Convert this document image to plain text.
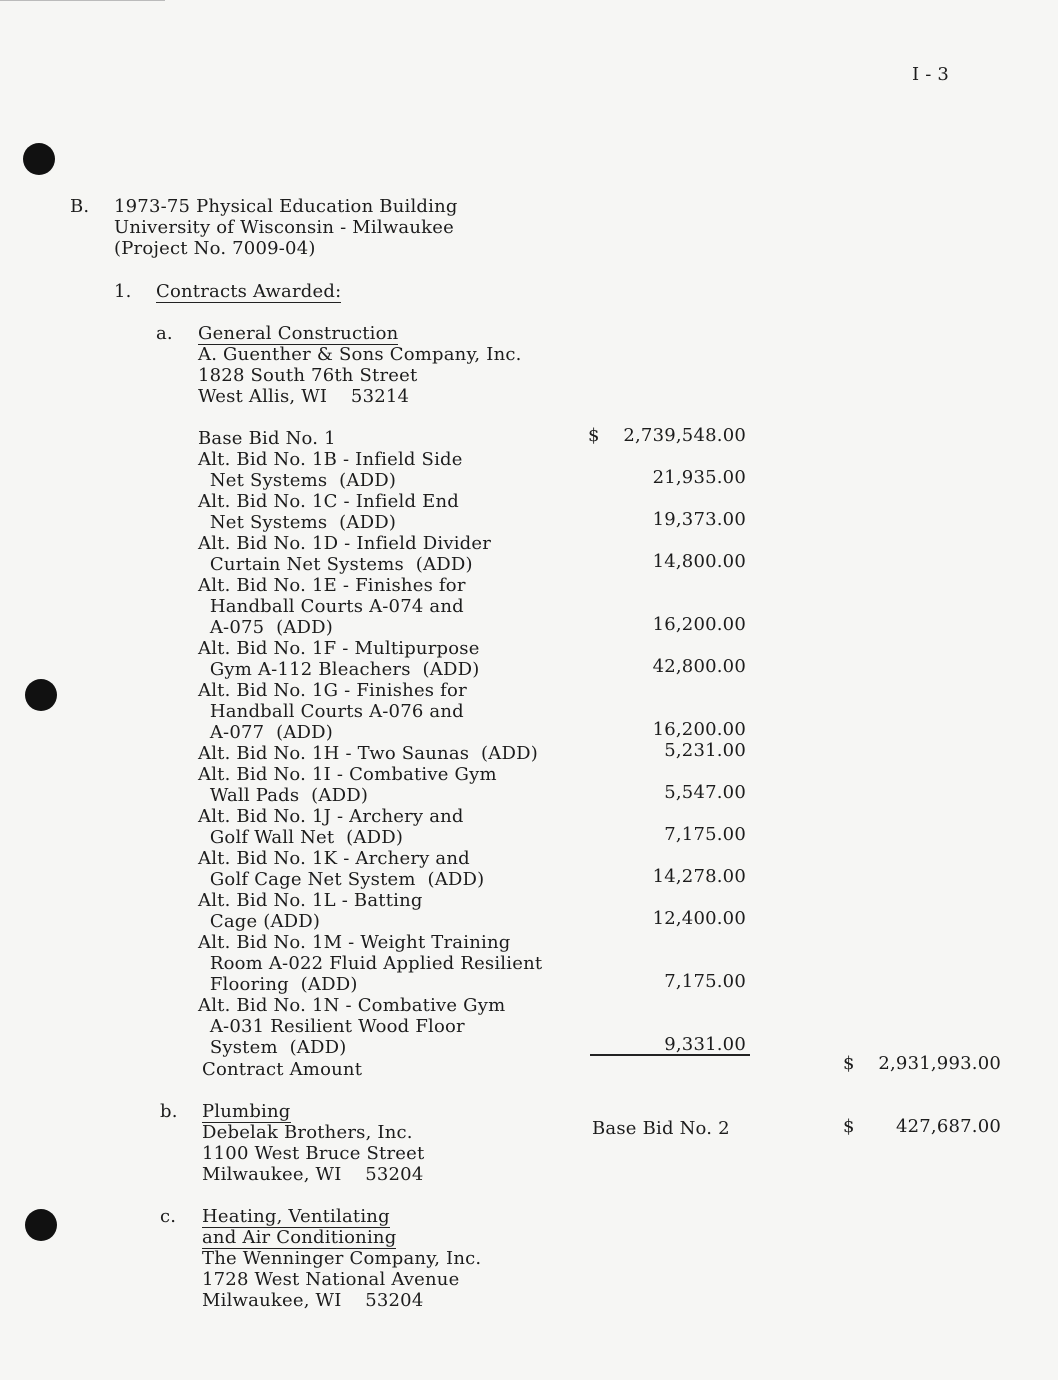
I - 3
B. 1973-75 Physical Education Building
University of Wisconsin - Milwaukee
(Project No. 7009-04)
1. Contracts Awarded:
a. General Construction
A. Guenther & Sons Company, Inc.
1828 South 76th Street
West Allis, WI    53214
Base Bid No. 1	$	2,739,548.00
Alt. Bid No. 1B - Infield Side
Net Systems  (ADD)	21,935.00
Alt. Bid No. 1C - Infield End
Net Systems  (ADD)	19,373.00
Alt. Bid No. 1D - Infield Divider
Curtain Net Systems  (ADD)	14,800.00
Alt. Bid No. 1E - Finishes for
Handball Courts A-074 and
A-075  (ADD)	16,200.00
Alt. Bid No. 1F - Multipurpose
Gym A-112 Bleachers  (ADD)	42,800.00
Alt. Bid No. 1G - Finishes for
Handball Courts A-076 and
A-077  (ADD)	16,200.00
Alt. Bid No. 1H - Two Saunas  (ADD)	5,231.00
Alt. Bid No. 1I - Combative Gym
Wall Pads  (ADD)	5,547.00
Alt. Bid No. 1J - Archery and
Golf Wall Net  (ADD)	7,175.00
Alt. Bid No. 1K - Archery and
Golf Cage Net System  (ADD)	14,278.00
Alt. Bid No. 1L - Batting
Cage (ADD)	12,400.00
Alt. Bid No. 1M - Weight Training
Room A-022 Fluid Applied Resilient
Flooring  (ADD)	7,175.00
Alt. Bid No. 1N - Combative Gym
A-031 Resilient Wood Floor
System  (ADD)	9,331.00
Contract Amount	$	2,931,993.00
b. Plumbing
Debelak Brothers, Inc.
1100 West Bruce Street
Milwaukee, WI    53204
Base Bid No. 2	$	427,687.00
c. Heating, Ventilating
and Air Conditioning
The Wenninger Company, Inc.
1728 West National Avenue
Milwaukee, WI    53204
